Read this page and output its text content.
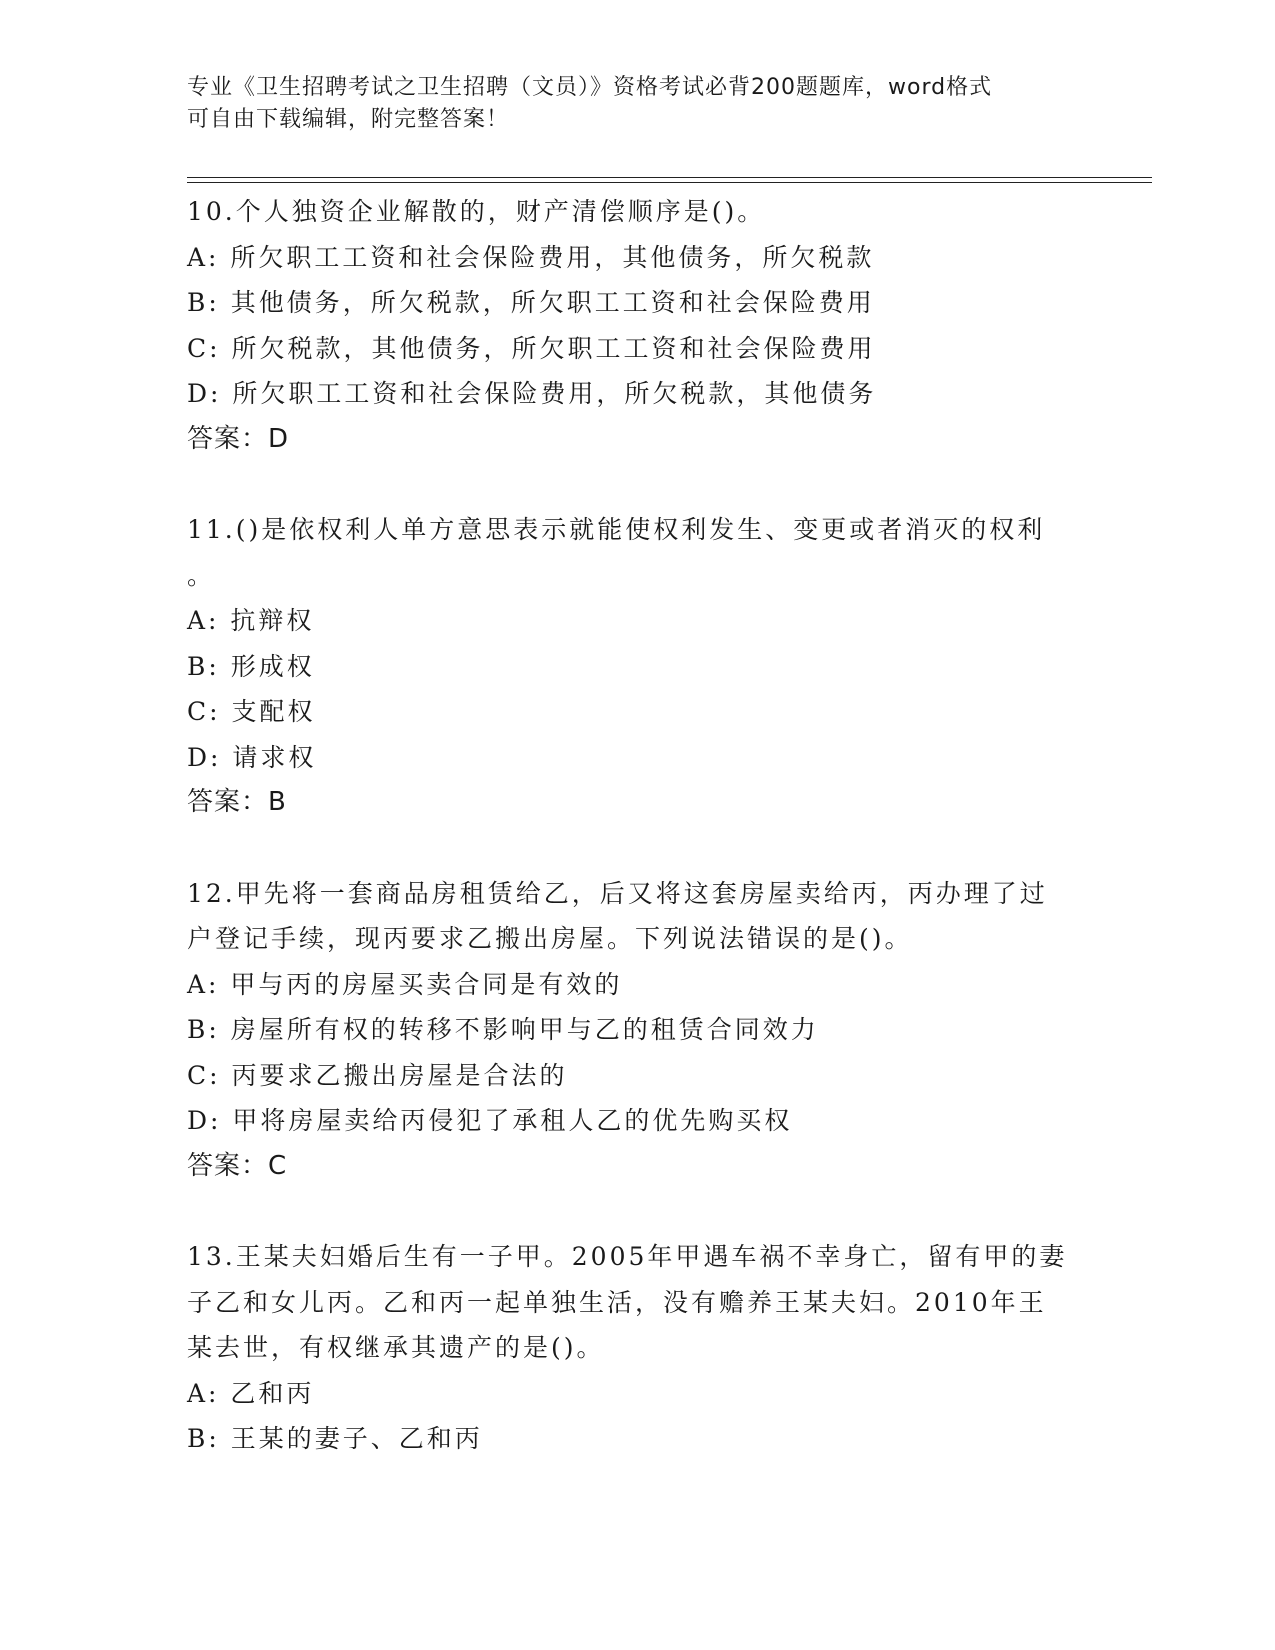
专业《卫生招聘考试之卫生招聘（文员）》资格考试必背200题题库，word格式
可自由下载编辑，附完整答案！
10.个人独资企业解散的，财产清偿顺序是()。
A: 所欠职工工资和社会保险费用，其他债务，所欠税款
B: 其他债务，所欠税款，所欠职工工资和社会保险费用
C: 所欠税款，其他债务，所欠职工工资和社会保险费用
D: 所欠职工工资和社会保险费用，所欠税款，其他债务
答案：D
11.()是依权利人单方意思表示就能使权利发生、变更或者消灭的权利
。
A: 抗辩权
B: 形成权
C: 支配权
D: 请求权
答案：B
12.甲先将一套商品房租赁给乙，后又将这套房屋卖给丙，丙办理了过
户登记手续，现丙要求乙搬出房屋。下列说法错误的是()。
A: 甲与丙的房屋买卖合同是有效的
B: 房屋所有权的转移不影响甲与乙的租赁合同效力
C: 丙要求乙搬出房屋是合法的
D: 甲将房屋卖给丙侵犯了承租人乙的优先购买权
答案：C
13.王某夫妇婚后生有一子甲。2005年甲遇车祸不幸身亡，留有甲的妻
子乙和女儿丙。乙和丙一起单独生活，没有赡养王某夫妇。2010年王
某去世，有权继承其遗产的是()。
A: 乙和丙
B: 王某的妻子、乙和丙
